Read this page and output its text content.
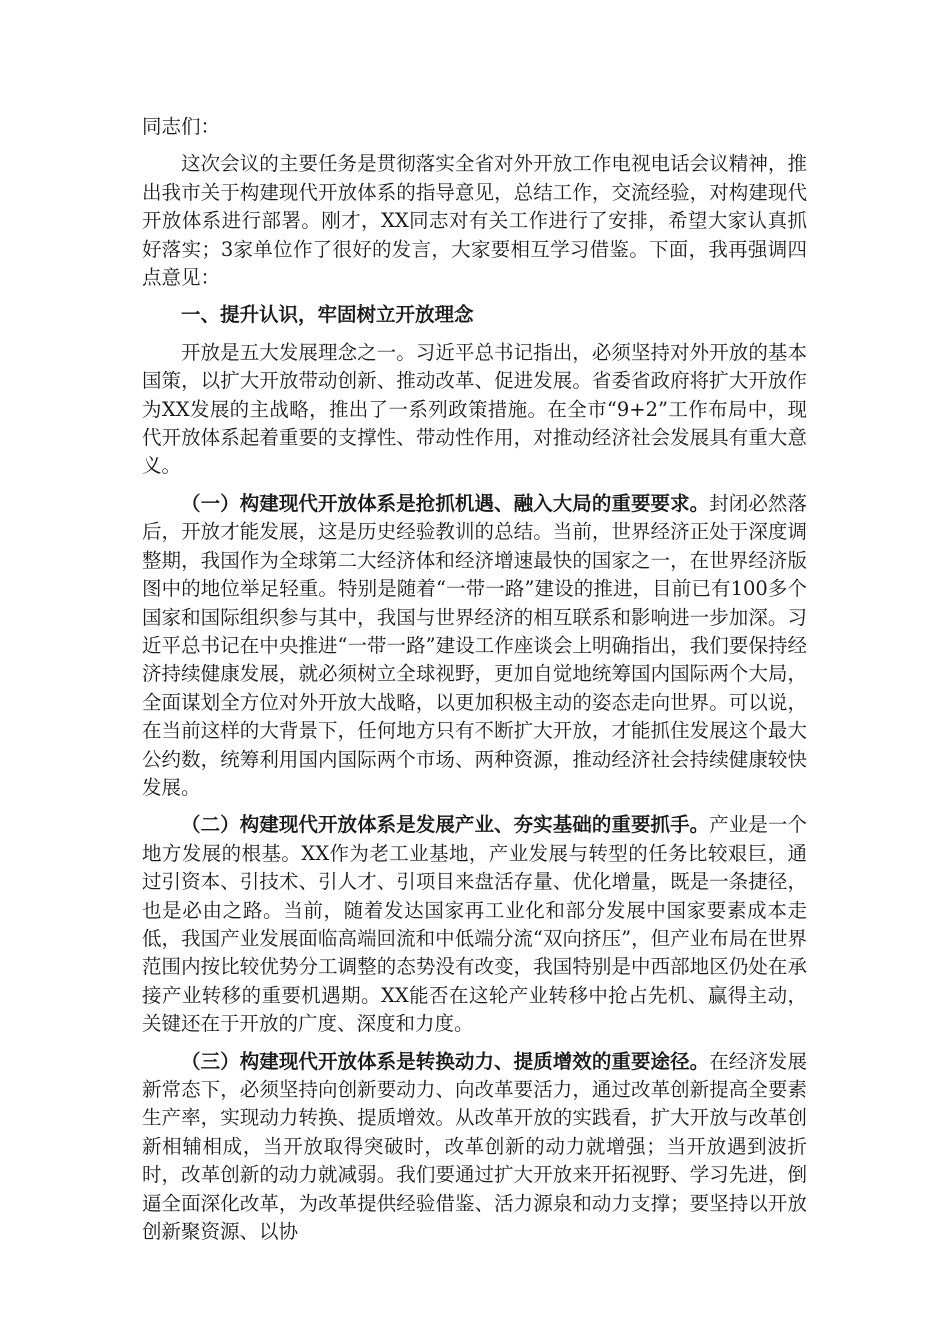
同志们：

这次会议的主要任务是贯彻落实全省对外开放工作电视电话会议精神，推出我市关于构建现代开放体系的指导意见，总结工作，交流经验，对构建现代开放体系进行部署。刚才，XX同志对有关工作进行了安排，希望大家认真抓好落实；3家单位作了很好的发言，大家要相互学习借鉴。下面，我再强调四点意见：

一、提升认识，牢固树立开放理念

开放是五大发展理念之一。习近平总书记指出，必须坚持对外开放的基本国策，以扩大开放带动创新、推动改革、促进发展。省委省政府将扩大开放作为XX发展的主战略，推出了一系列政策措施。在全市“9+2”工作布局中，现代开放体系起着重要的支撑性、带动性作用，对推动经济社会发展具有重大意义。

（一）构建现代开放体系是抢抓机遇、融入大局的重要要求。封闭必然落后，开放才能发展，这是历史经验教训的总结。当前，世界经济正处于深度调整期，我国作为全球第二大经济体和经济增速最快的国家之一，在世界经济版图中的地位举足轻重。特别是随着“一带一路”建设的推进，目前已有100多个国家和国际组织参与其中，我国与世界经济的相互联系和影响进一步加深。习近平总书记在中央推进“一带一路”建设工作座谈会上明确指出，我们要保持经济持续健康发展，就必须树立全球视野，更加自觉地统筹国内国际两个大局，全面谋划全方位对外开放大战略，以更加积极主动的姿态走向世界。可以说，在当前这样的大背景下，任何地方只有不断扩大开放，才能抓住发展这个最大公约数，统筹利用国内国际两个市场、两种资源，推动经济社会持续健康较快发展。

（二）构建现代开放体系是发展产业、夯实基础的重要抓手。产业是一个地方发展的根基。XX作为老工业基地，产业发展与转型的任务比较艰巨，通过引资本、引技术、引人才、引项目来盘活存量、优化增量，既是一条捷径，也是必由之路。当前，随着发达国家再工业化和部分发展中国家要素成本走低，我国产业发展面临高端回流和中低端分流“双向挤压”，但产业布局在世界范围内按比较优势分工调整的态势没有改变，我国特别是中西部地区仍处在承接产业转移的重要机遇期。XX能否在这轮产业转移中抢占先机、赢得主动，关键还在于开放的广度、深度和力度。

（三）构建现代开放体系是转换动力、提质增效的重要途径。在经济发展新常态下，必须坚持向创新要动力、向改革要活力，通过改革创新提高全要素生产率，实现动力转换、提质增效。从改革开放的实践看，扩大开放与改革创新相辅相成，当开放取得突破时，改革创新的动力就增强；当开放遇到波折时，改革创新的动力就减弱。我们要通过扩大开放来开拓视野、学习先进，倒逼全面深化改革，为改革提供经验借鉴、活力源泉和动力支撑；要坚持以开放创新聚资源、以协
